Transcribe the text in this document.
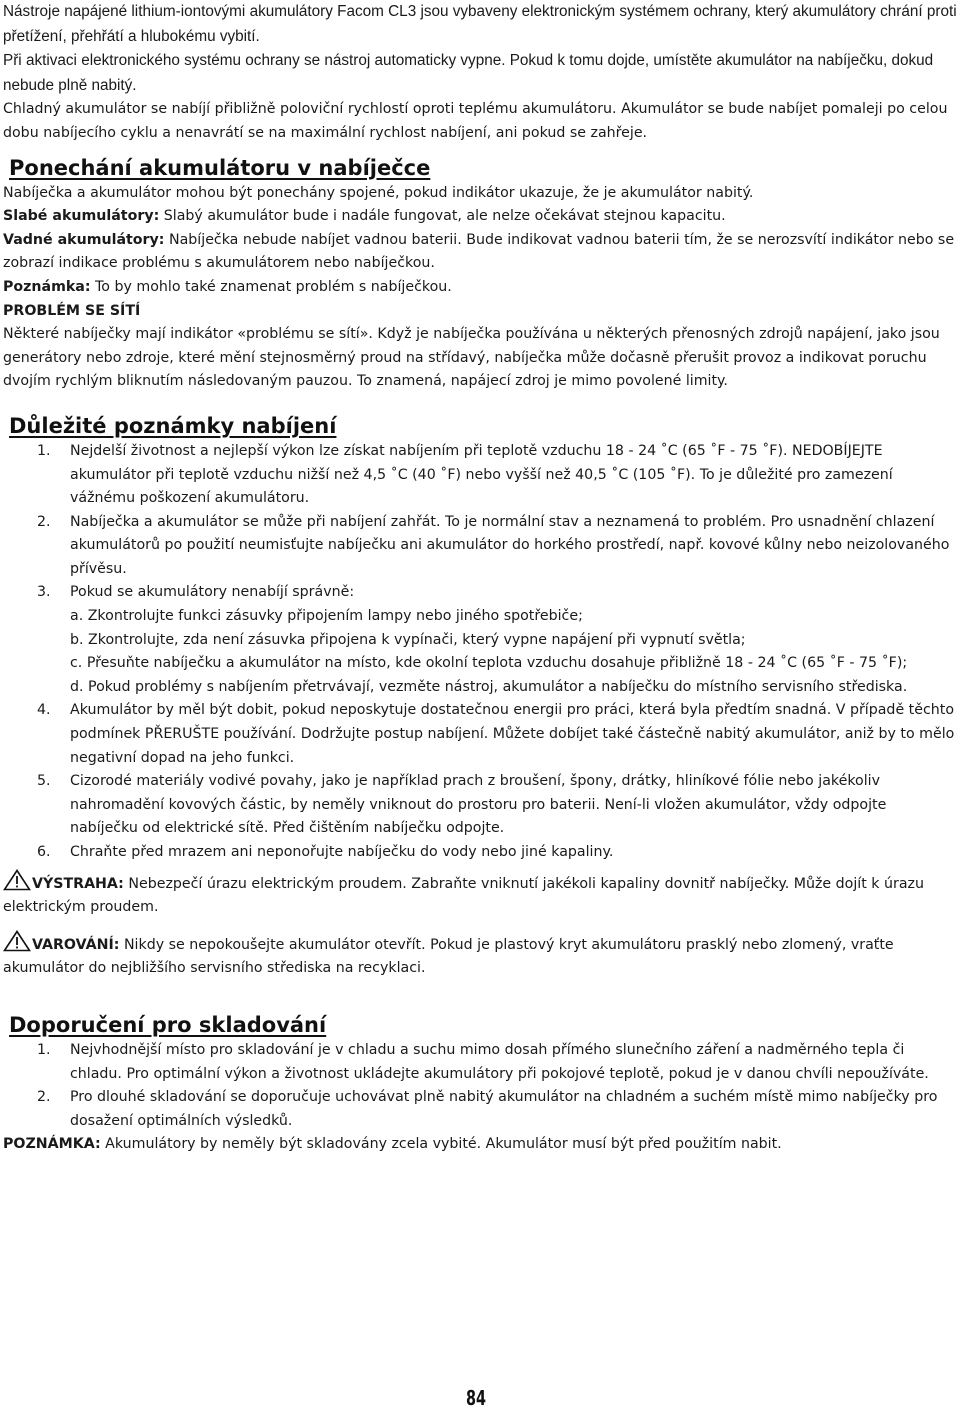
Nástroje napájené lithium-iontovými akumulátory Facom CL3 jsou vybaveny elektronickým systémem ochrany, který akumulátory chrání proti přetížení, přehřátí a hlubokému vybití.

Při aktivaci elektronického systému ochrany se nástroj automaticky vypne. Pokud k tomu dojde, umístěte akumulátor na nabíječku, dokud nebude plně nabitý.

Chladný akumulátor se nabíjí přibližně poloviční rychlostí oproti teplému akumulátoru. Akumulátor se bude nabíjet pomaleji po celou dobu nabíjecího cyklu a nenavrátí se na maximální rychlost nabíjení, ani pokud se zahřeje.

Ponechání akumulátoru v nabíječce

Nabíječka a akumulátor mohou být ponechány spojené, pokud indikátor ukazuje, že je akumulátor nabitý.

Slabé akumulátory: Slabý akumulátor bude i nadále fungovat, ale nelze očekávat stejnou kapacitu.

Vadné akumulátory: Nabíječka nebude nabíjet vadnou baterii. Bude indikovat vadnou baterii tím, že se nerozsvítí indikátor nebo se zobrazí indikace problému s akumulátorem nebo nabíječkou.

Poznámka: To by mohlo také znamenat problém s nabíječkou.

PROBLÉM SE SÍTÍ

Některé nabíječky mají indikátor «problému se sítí». Když je nabíječka používána u některých přenosných zdrojů napájení, jako jsou generátory nebo zdroje, které mění stejnosměrný proud na střídavý, nabíječka může dočasně přerušit provoz a indikovat poruchu dvojím rychlým bliknutím následovaným pauzou. To znamená, napájecí zdroj je mimo povolené limity.

Důležité poznámky nabíjení
1.	Nejdelší životnost a nejlepší výkon lze získat nabíjením při teplotě vzduchu 18 - 24 ˚C (65 ˚F - 75 ˚F). NEDOBÍJEJTE akumulátor při teplotě vzduchu nižší než 4,5 ˚C (40 ˚F) nebo vyšší než 40,5 ˚C (105 ˚F). To je důležité pro zamezení vážnému poškození akumulátoru.
2.	Nabíječka a akumulátor se může při nabíjení zahřát. To je normální stav a neznamená to problém. Pro usnadnění chlazení akumulátorů po použití neumisťujte nabíječku ani akumulátor do horkého prostředí, např. kovové kůlny nebo neizolovaného přívěsu.
3.	Pokud se akumulátory nenabíjí správně:
a. Zkontrolujte funkci zásuvky připojením lampy nebo jiného spotřebiče;
b. Zkontrolujte, zda není zásuvka připojena k vypínači, který vypne napájení při vypnutí světla;
c. Přesuňte nabíječku a akumulátor na místo, kde okolní teplota vzduchu dosahuje přibližně 18 - 24 ˚C (65 ˚F - 75 ˚F);
d. Pokud problémy s nabíjením přetrvávají, vezměte nástroj, akumulátor a nabíječku do místního servisního střediska.
4.	Akumulátor by měl být dobit, pokud neposkytuje dostatečnou energii pro práci, která byla předtím snadná. V případě těchto podmínek PŘERUŠTE používání. Dodržujte postup nabíjení. Můžete dobíjet také částečně nabitý akumulátor, aniž by to mělo negativní dopad na jeho funkci.
5.	Cizorodé materiály vodivé povahy, jako je například prach z broušení, špony, drátky, hliníkové fólie nebo jakékoliv nahromadění kovových částic, by neměly vniknout do prostoru pro baterii. Není-li vložen akumulátor, vždy odpojte nabíječku od elektrické sítě. Před čištěním nabíječku odpojte.
6.	Chraňte před mrazem ani neponořujte nabíječku do vody nebo jiné kapaliny.

VÝSTRAHA: Nebezpečí úrazu elektrickým proudem. Zabraňte vniknutí jakékoli kapaliny dovnitř nabíječky. Může dojít k úrazu elektrickým proudem.

VAROVÁNÍ: Nikdy se nepokoušejte akumulátor otevřít. Pokud je plastový kryt akumulátoru prasklý nebo zlomený, vraťte akumulátor do nejbližšího servisního střediska na recyklaci.

Doporučení pro skladování
1.	Nejvhodnější místo pro skladování je v chladu a suchu mimo dosah přímého slunečního záření a nadměrného tepla či chladu. Pro optimální výkon a životnost ukládejte akumulátory při pokojové teplotě, pokud je v danou chvíli nepoužíváte.
2.	Pro dlouhé skladování se doporučuje uchovávat plně nabitý akumulátor na chladném a suchém místě mimo nabíječky pro dosažení optimálních výsledků.

POZNÁMKA: Akumulátory by neměly být skladovány zcela vybité. Akumulátor musí být před použitím nabit.

84
